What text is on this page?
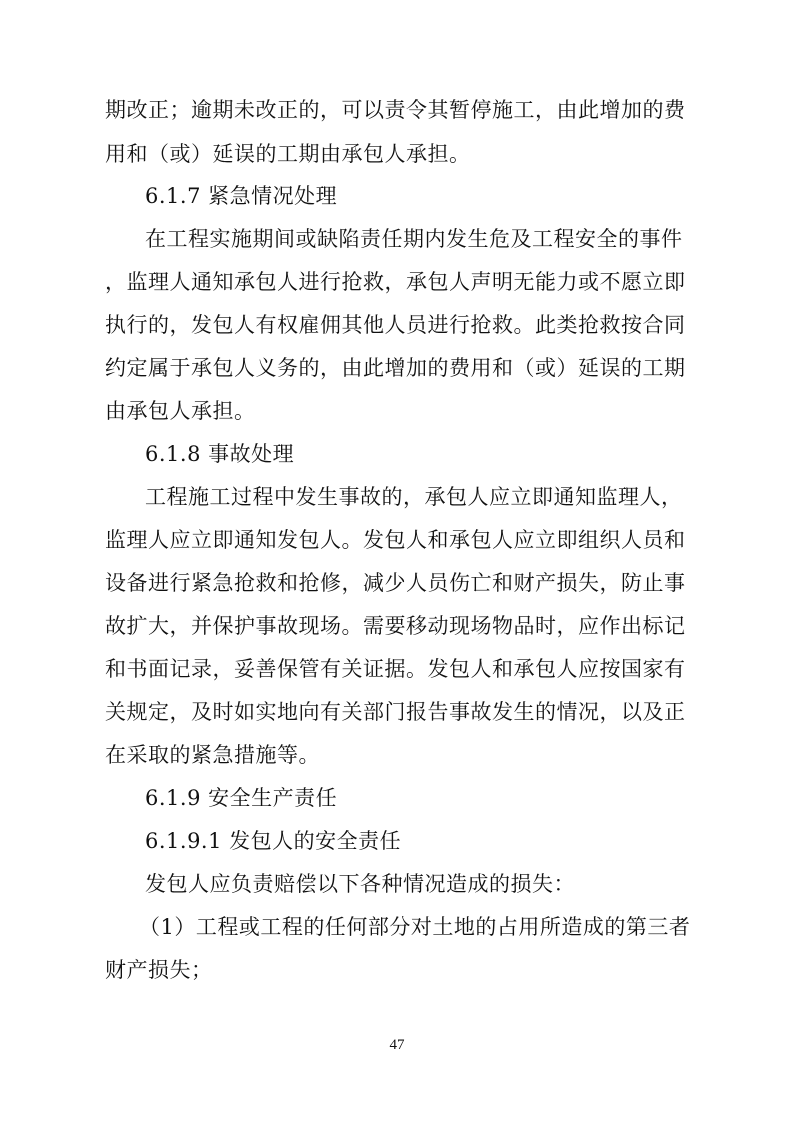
期改正；逾期未改正的，可以责令其暂停施工，由此增加的费
用和（或）延误的工期由承包人承担。
6.1.7 紧急情况处理
在工程实施期间或缺陷责任期内发生危及工程安全的事件
，监理人通知承包人进行抢救，承包人声明无能力或不愿立即
执行的，发包人有权雇佣其他人员进行抢救。此类抢救按合同
约定属于承包人义务的，由此增加的费用和（或）延误的工期
由承包人承担。
6.1.8 事故处理
工程施工过程中发生事故的，承包人应立即通知监理人，
监理人应立即通知发包人。发包人和承包人应立即组织人员和
设备进行紧急抢救和抢修，减少人员伤亡和财产损失，防止事
故扩大，并保护事故现场。需要移动现场物品时，应作出标记
和书面记录，妥善保管有关证据。发包人和承包人应按国家有
关规定，及时如实地向有关部门报告事故发生的情况，以及正
在采取的紧急措施等。
6.1.9 安全生产责任
6.1.9.1 发包人的安全责任
发包人应负责赔偿以下各种情况造成的损失：
（1）工程或工程的任何部分对土地的占用所造成的第三者
财产损失；
47
